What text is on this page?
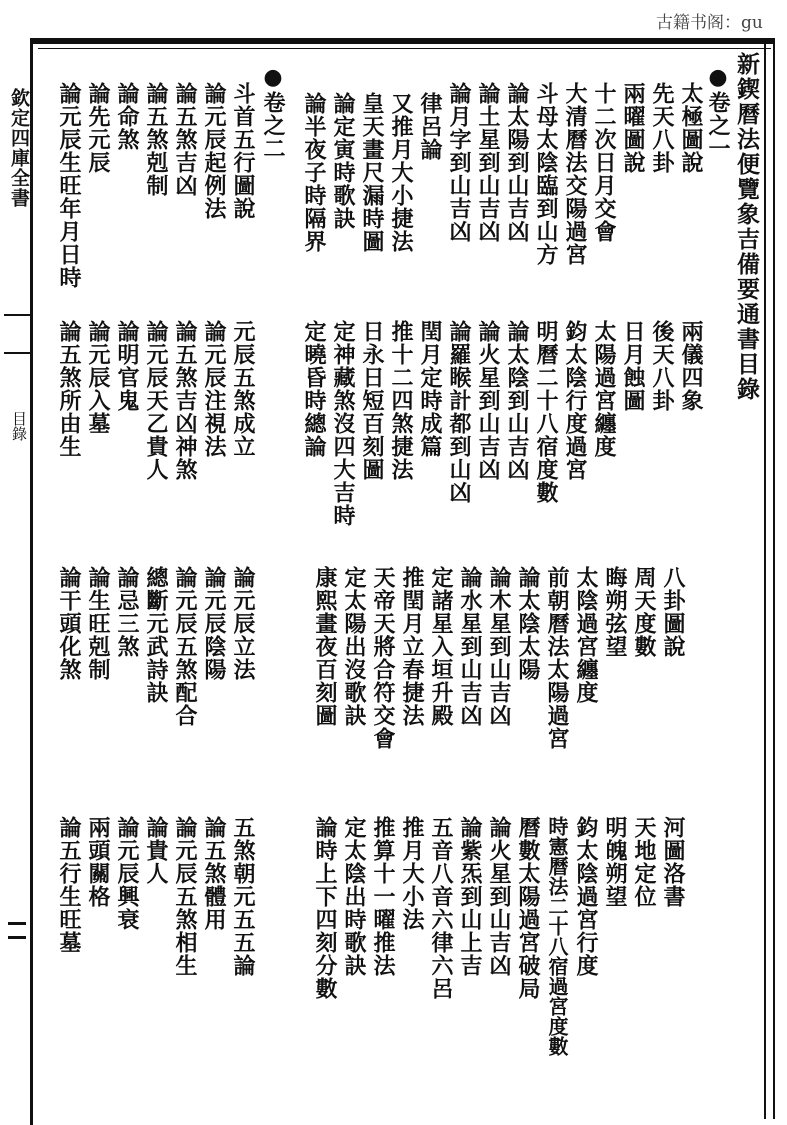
古籍书阁：gu
欽定四庫全書
目錄
新鍥曆法便覽象吉備要通書目錄
●卷之一
●卷之二	太極圖說
先天八卦
兩曜圖說
十二次日月交會
大清曆法交陽過宮
斗母太陰臨到山方
論太陽到山吉凶
論土星到山吉凶
論月字到山吉凶
律呂論
又推月大小捷法
皇天畫尺漏時圖
論定寅時歌訣
論半夜子時隔界
斗首五行圖說
論元辰起例法
論五煞吉凶
論五煞剋制
論命煞
論先元辰
論元辰生旺年月日時
兩儀四象
後天八卦
日月蝕圖
太陽過宮纏度
鈞太陰行度過宮
明曆二十八宿度數
論太陰到山吉凶
論火星到山吉凶
論羅睺計都到山凶
閏月定時成篇
推十二四煞捷法
日永日短百刻圖
定神藏煞沒四大吉時
定曉昏時總論
元辰五煞成立
論元辰注視法
論五煞吉凶神煞
論元辰天乙貴人
論明官鬼
論元辰入墓
論五煞所由生
八卦圖說
周天度數
晦朔弦望
太陰過宮纏度
前朝曆法太陽過宮
論太陰太陽
論木星到山吉凶
論水星到山吉凶
定諸星入垣升殿
推閏月立春捷法
天帝天將合符交會
定太陽出沒歌訣
康熙畫夜百刻圖
論元辰立法
論元辰陰陽
論元辰五煞配合
總斷元武詩訣
論忌三煞
論生旺剋制
論干頭化煞
河圖洛書
天地定位
明魄朔望
鈞太陰過宮行度
時憲曆法二十八宿過宮度數
曆數太陽過宮破局
論火星到山吉凶
論紫炁到山上吉
五音八音六律六呂
推月大小法
推算十一曜推法
定太陰出時歌訣
論時上下四刻分數
五煞朝元五五論
論五煞體用
論元辰五煞相生
論貴人
論元辰興衰
兩頭關格
論五行生旺墓
